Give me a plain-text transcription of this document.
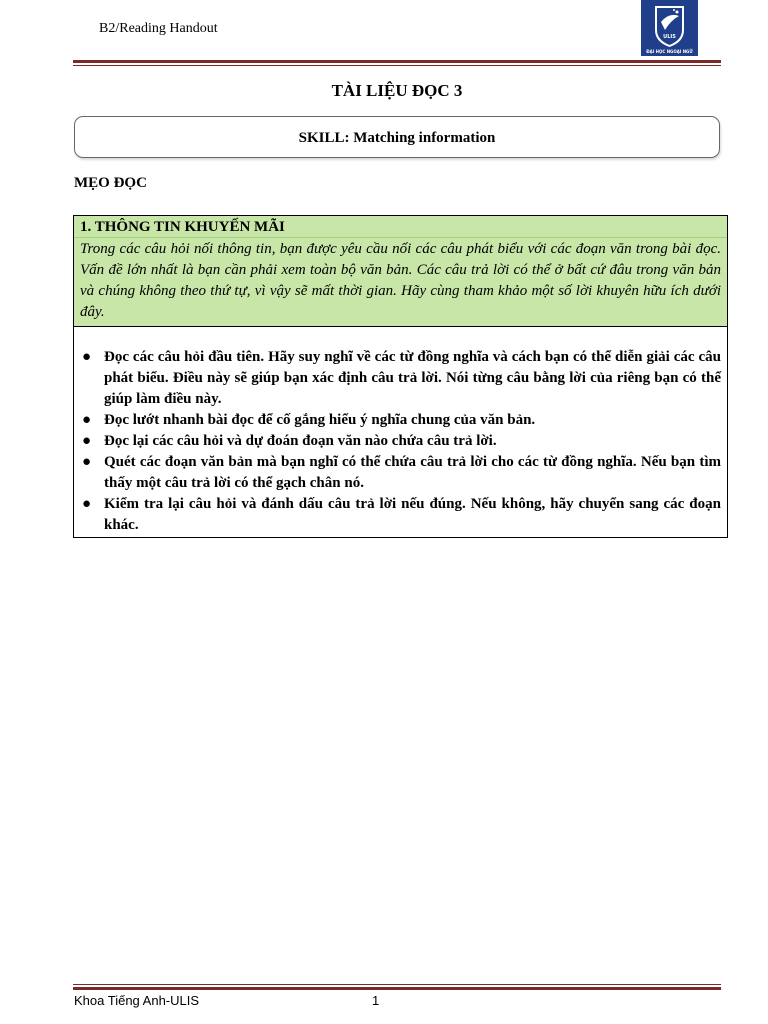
B2/Reading Handout
ULIS
ĐẠI HỌC NGOẠI NGỮ
TÀI LIỆU ĐỌC 3
SKILL: Matching information
MẸO ĐỌC
1. THÔNG TIN KHUYẾN MÃI
Trong các câu hỏi nối thông tin, bạn được yêu cầu nối các câu phát biểu với các đoạn văn trong bài đọc. Vấn đề lớn nhất là bạn cần phải xem toàn bộ văn bản. Các câu trả lời có thể ở bất cứ đâu trong văn bản và chúng không theo thứ tự, vì vậy sẽ mất thời gian. Hãy cùng tham khảo một số lời khuyên hữu ích dưới đây.
● Đọc các câu hỏi đầu tiên. Hãy suy nghĩ về các từ đồng nghĩa và cách bạn có thể diễn giải các câu phát biểu. Điều này sẽ giúp bạn xác định câu trả lời. Nói từng câu bằng lời của riêng bạn có thể giúp làm điều này.
● Đọc lướt nhanh bài đọc để cố gắng hiểu ý nghĩa chung của văn bản.
● Đọc lại các câu hỏi và dự đoán đoạn văn nào chứa câu trả lời.
● Quét các đoạn văn bản mà bạn nghĩ có thể chứa câu trả lời cho các từ đồng nghĩa. Nếu bạn tìm thấy một câu trả lời có thể gạch chân nó.
● Kiểm tra lại câu hỏi và đánh dấu câu trả lời nếu đúng. Nếu không, hãy chuyển sang các đoạn khác.
Khoa Tiếng Anh-ULIS	1
